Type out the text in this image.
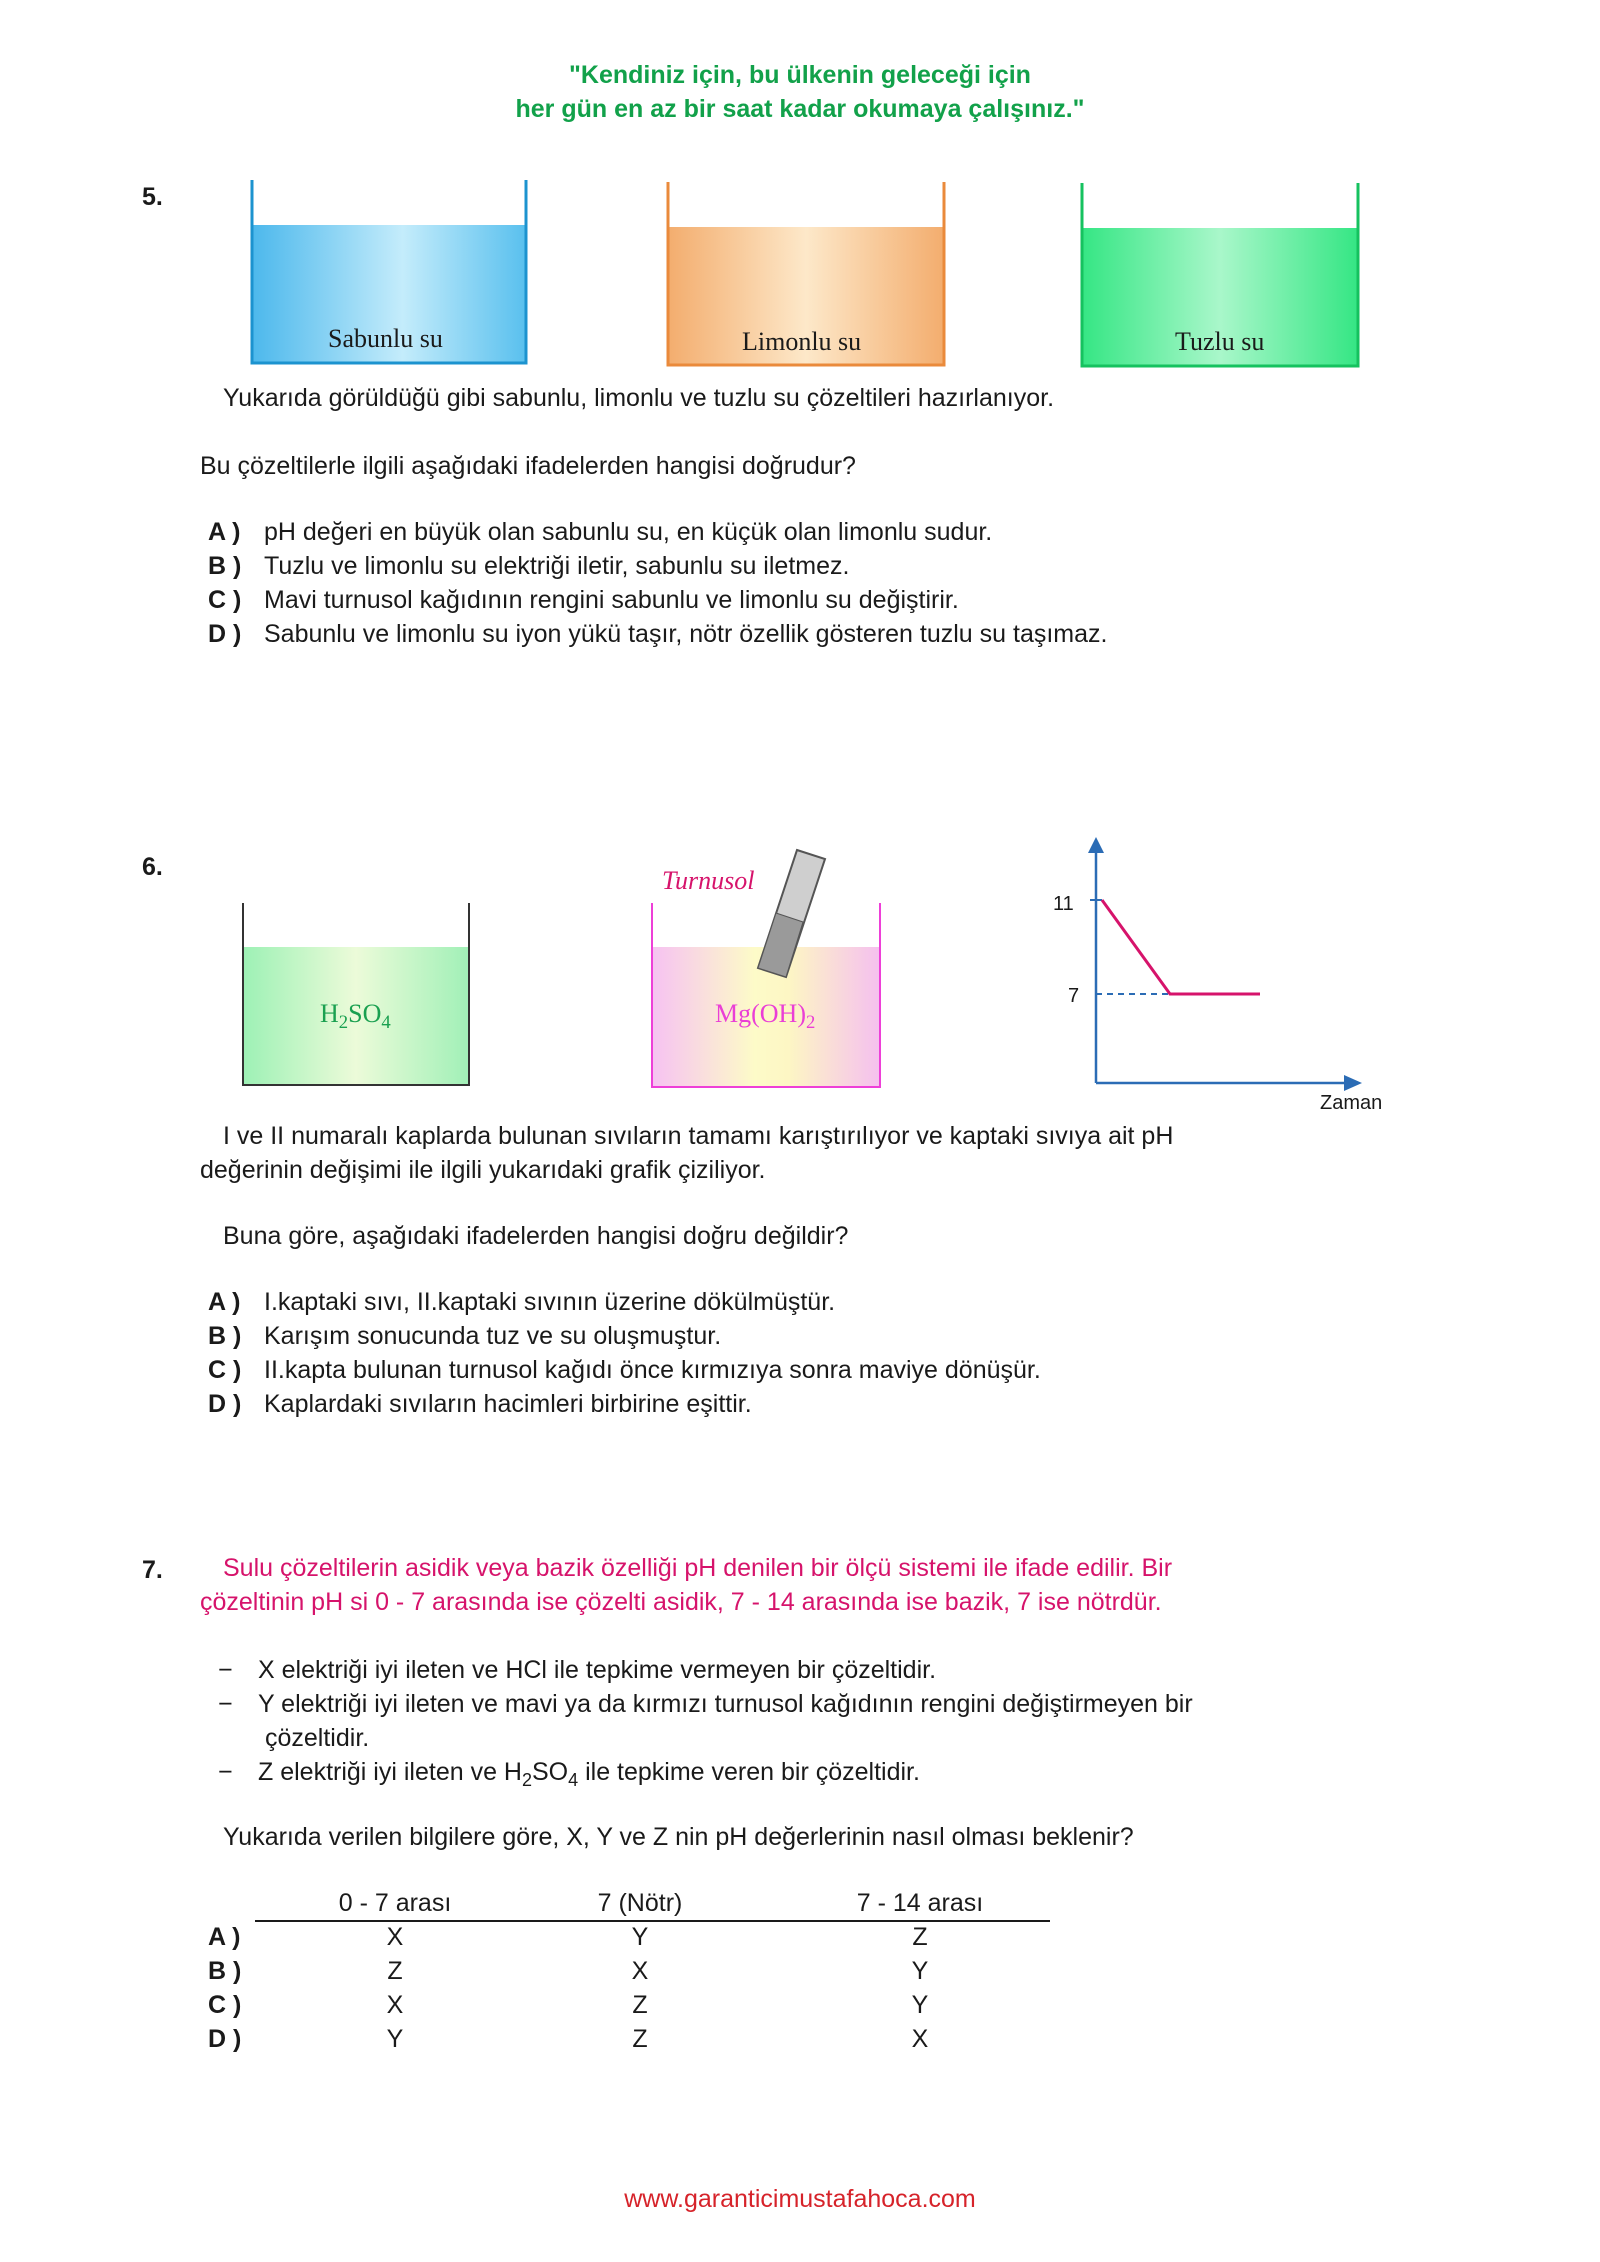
"Kendiniz için, bu ülkenin geleceği için
her gün en az bir saat kadar okumaya çalışınız."
5.
Sabunlu su	Limonlu su	Tuzlu su
Yukarıda görüldüğü gibi sabunlu, limonlu ve tuzlu su çözeltileri hazırlanıyor.
Bu çözeltilerle ilgili aşağıdaki ifadelerden hangisi doğrudur?
A ) pH değeri en büyük olan sabunlu su, en küçük olan limonlu sudur.
B ) Tuzlu ve limonlu su elektriği iletir, sabunlu su iletmez.
C ) Mavi turnusol kağıdının rengini sabunlu ve limonlu su değiştirir.
D ) Sabunlu ve limonlu su iyon yükü taşır, nötr özellik gösteren tuzlu su taşımaz.
6.
$H_2SO_4$	$Mg(OH)_2$
Turnusol
11
7
Zaman
I ve II numaralı kaplarda bulunan sıvıların tamamı karıştırılıyor ve kaptaki sıvıya ait pH
değerinin değişimi ile ilgili yukarıdaki grafik çiziliyor.
Buna göre, aşağıdaki ifadelerden hangisi doğru değildir?
A ) I.kaptaki sıvı, II.kaptaki sıvının üzerine dökülmüştür.
B ) Karışım sonucunda tuz ve su oluşmuştur.
C ) II.kapta bulunan turnusol kağıdı önce kırmızıya sonra maviye dönüşür.
D ) Kaplardaki sıvıların hacimleri birbirine eşittir.
7. Sulu çözeltilerin asidik veya bazik özelliği pH denilen bir ölçü sistemi ile ifade edilir. Bir
çözeltinin pH si 0 - 7 arasında ise çözelti asidik, 7 - 14 arasında ise bazik, 7 ise nötrdür.
− X elektriği iyi ileten ve HCl ile tepkime vermeyen bir çözeltidir.
− Y elektriği iyi ileten ve mavi ya da kırmızı turnusol kağıdının rengini değiştirmeyen bir
çözeltidir.
− Z elektriği iyi ileten ve $H_2SO_4$ ile tepkime veren bir çözeltidir.
Yukarıda verilen bilgilere göre, X, Y ve Z nin pH değerlerinin nasıl olması beklenir?
0 - 7 arası	7 (Nötr)	7 - 14 arası
A )	X	Y	Z
B )	Z	X	Y
C )	X	Z	Y
D )	Y	Z	X
www.garanticimustafahoca.com
